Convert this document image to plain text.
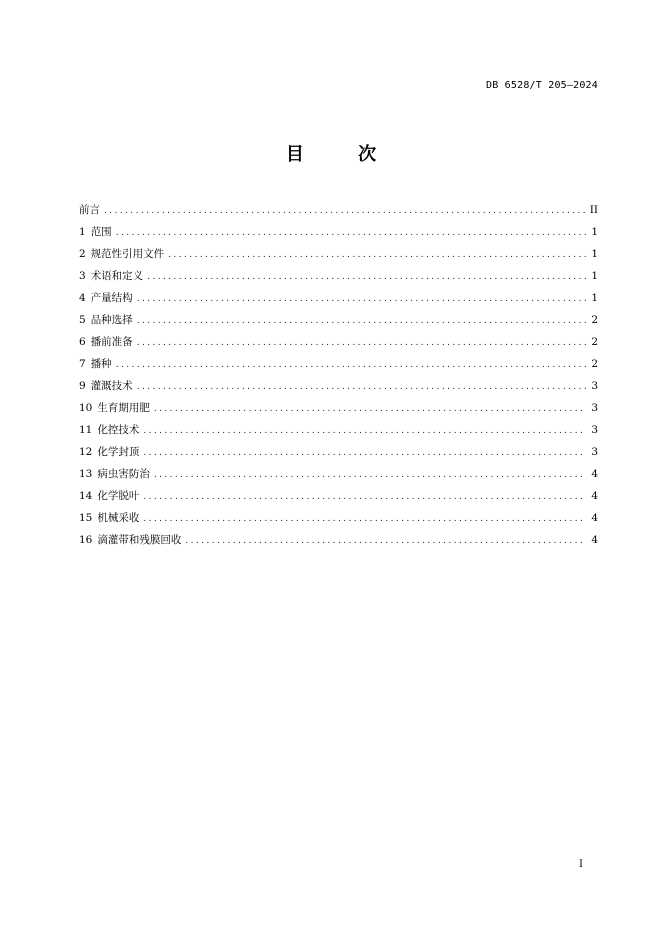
DB 6528/T 205—2024
目 次
前言 .....	II
1 范围 .....	1
2 规范性引用文件 .....	1
3 术语和定义 .....	1
4 产量结构 .....	1
5 品种选择 .....	2
6 播前准备 .....	2
7 播种 .....	2
9 灌溉技术 .....	3
10 生育期用肥 .....	3
11 化控技术 .....	3
12 化学封顶 .....	3
13 病虫害防治 .....	4
14 化学脱叶 .....	4
15 机械采收 .....	4
16 滴灌带和残膜回收 .....	4
I
